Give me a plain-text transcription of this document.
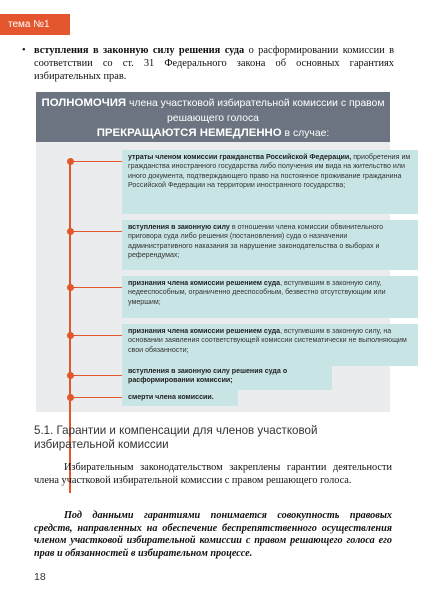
тема №1
• вступления в законную силу решения суда о расформировании комиссии в соответствии со ст. 31 Федерального закона об основных гарантиях избирательных прав.
ПОЛНОМОЧИЯ члена участковой избирательной комиссии с правом решающего голоса
ПРЕКРАЩАЮТСЯ НЕМЕДЛЕННО в случае:
утраты членом комиссии гражданства Российской Федерации, приобретения им гражданства иностранного государства либо получения им вида на жительство или иного документа, подтверждающего право на постоянное проживание гражданина Российской Федерации на территории иностранного государства;
вступления в законную силу в отношении члена комиссии обвинительного приговора суда либо решения (постановления) суда о назначении административного наказания за нарушение законодательства о выборах и референдумах;
признания члена комиссии решением суда, вступившим в законную силу, недееспособным, ограниченно дееспособным, безвестно отсутствующим или умершим;
признания члена комиссии решением суда, вступившим в законную силу, на основании заявления соответствующей комиссии систематически не выполняющим свои обязанности;
вступления в законную силу решения суда о расформировании комиссии;
смерти члена комиссии.
5.1. Гарантии и компенсации для членов участковой избирательной комиссии
Избирательным законодательством закреплены гарантии деятельности члена участковой избирательной комиссии с правом решающего голоса.
Под данными гарантиями понимается совокупность правовых средств, направленных на обеспечение беспрепятственного осуществления членом участковой избирательной комиссии с правом решающего голоса его прав и обязанностей в избирательном процессе.
18
